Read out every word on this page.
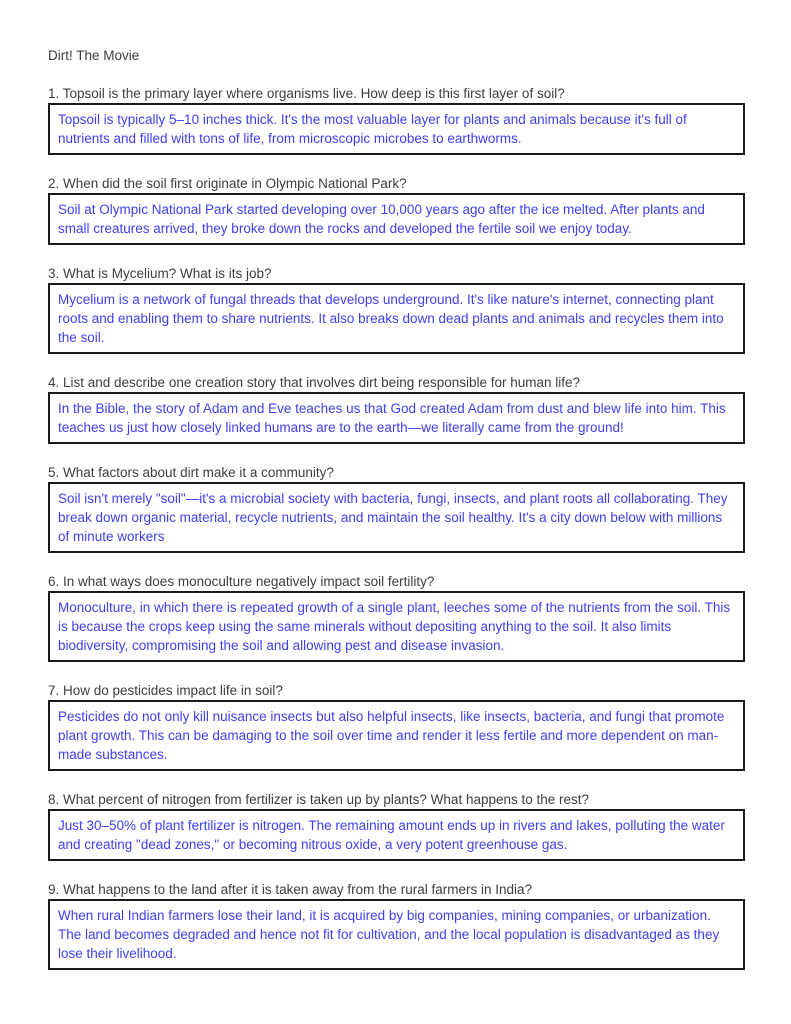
Dirt! The Movie

1. Topsoil is the primary layer where organisms live. How deep is this first layer of soil?
Topsoil is typically 5–10 inches thick. It's the most valuable layer for plants and animals because it's full of nutrients and filled with tons of life, from microscopic microbes to earthworms.
2. When did the soil first originate in Olympic National Park?
Soil at Olympic National Park started developing over 10,000 years ago after the ice melted. After plants and small creatures arrived, they broke down the rocks and developed the fertile soil we enjoy today.
3. What is Mycelium? What is its job?
Mycelium is a network of fungal threads that develops underground. It's like nature's internet, connecting plant roots and enabling them to share nutrients. It also breaks down dead plants and animals and recycles them into the soil.
4. List and describe one creation story that involves dirt being responsible for human life?
In the Bible, the story of Adam and Eve teaches us that God created Adam from dust and blew life into him. This teaches us just how closely linked humans are to the earth—we literally came from the ground!
5. What factors about dirt make it a community?
Soil isn't merely "soil"—it's a microbial society with bacteria, fungi, insects, and plant roots all collaborating. They break down organic material, recycle nutrients, and maintain the soil healthy. It's a city down below with millions of minute workers
6. In what ways does monoculture negatively impact soil fertility?
Monoculture, in which there is repeated growth of a single plant, leeches some of the nutrients from the soil. This is because the crops keep using the same minerals without depositing anything to the soil. It also limits biodiversity, compromising the soil and allowing pest and disease invasion.
7. How do pesticides impact life in soil?
Pesticides do not only kill nuisance insects but also helpful insects, like insects, bacteria, and fungi that promote plant growth. This can be damaging to the soil over time and render it less fertile and more dependent on man-made substances.
8. What percent of nitrogen from fertilizer is taken up by plants? What happens to the rest?
Just 30–50% of plant fertilizer is nitrogen. The remaining amount ends up in rivers and lakes, polluting the water and creating "dead zones," or becoming nitrous oxide, a very potent greenhouse gas.
9. What happens to the land after it is taken away from the rural farmers in India?
When rural Indian farmers lose their land, it is acquired by big companies, mining companies, or urbanization. The land becomes degraded and hence not fit for cultivation, and the local population is disadvantaged as they lose their livelihood.
